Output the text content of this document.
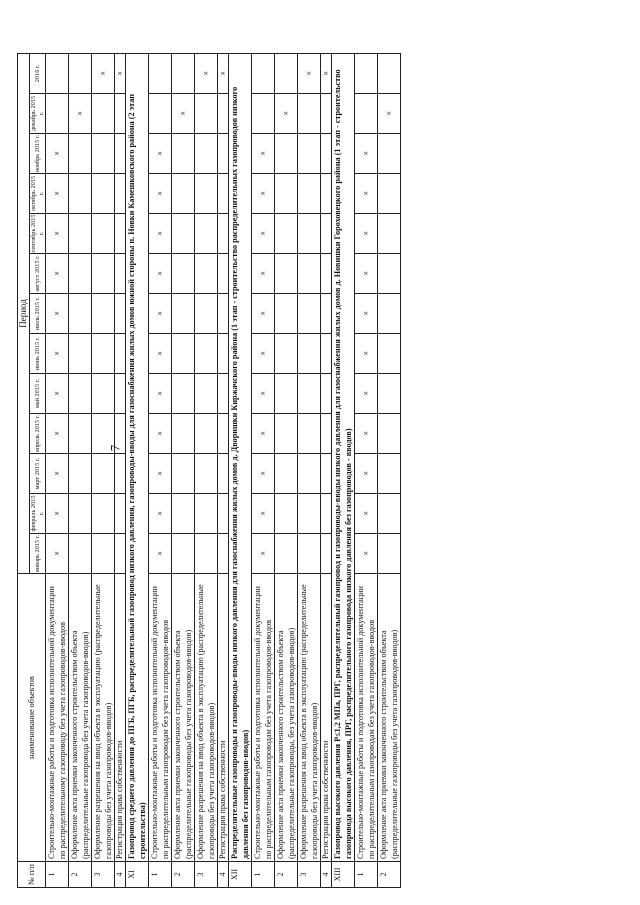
7
№ п/п	наименование объектов	Период												
		январь 2015 г.	февраль 2015 г.	март 2015 г.	апрель 2015 г.	май 2015 г.	июнь 2015 г.	июль 2015 г.	август 2015 г.	сентябрь 2015 г.	октябрь 2015 г.	ноябрь 2015 г.	декабрь 2015 г.	2016 г.
1	Строительно-монтажные работы и подготовка исполнительной документации по распределительному газопроводу без учета газопроводов-вводов	×	×	×	×	×	×	×	×	×	×	×		
2	Оформление акта приемки законченного строительством объекта (распределительные газопровода без учета газопроводов-вводов)												×	
3	Оформление разрешения на ввод объекта в эксплуатацию (распределительные газопроводы без учета газопроводов-вводов)													×
4	Регистрация права собственности													×
XI	Газопровод среднего давления до ПГБ, ПГБ, распределительный газопровод низкого давления, газопроводы-вводы для газоснабжения жилых домов южной стороны п. Новки Камешковского района (2 этап строительства)													
1	Строительно-монтажные работы и подготовка исполнительной документации по распределительным газопроводам без учета газопроводов-вводов	×	×	×	×	×	×	×	×	×	×	×		
2	Оформление акта приемки законченного строительством объекта (распределительные газопроводы без учета газопроводов-вводов)												×	
3	Оформление разрешения на ввод объекта в эксплуатацию (распределительные газопроводы без учета газопроводов-вводов)													×
4	Регистрация права собственности													×
XII	Распределительные газопроводы и газопроводы-вводы низкого давления для газоснабжения жилых домов д. Дворишки Киржачского района (1 этап - строительство распределительных газопроводов низкого давления без газопроводов-вводов)													
1	Строительно-монтажные работы и подготовка исполнительной документации по распределительным газопроводам без учета газопроводов-вводов	×	×	×	×	×	×	×	×	×	×	×		
2	Оформление акта приемки законченного строительством объекта (распределительные газопроводы, без учета газопроводов-вводов)												×	
3	Оформление разрешения на ввод объекта в эксплуатацию (распределительные газопроводы без учета газопроводов-вводов)													×
4	Регистрация права собственности													×
XIII	Газопровод высокого давления Р≤1,2 МПа, ПРГ, распределительный газопровод и газопроводы-вводы низкого давления для газоснабжения жилых домов д. Новишки Гороховецкого района (1 этап - строительство газопровода высокого давления, ПРГ, распределительного газопровода низкого давления без газопроводов - вводов)													
1	Строительно-монтажные работы и подготовка исполнительной документации по распределительным газопроводам без учета газопроводов-вводов	×	×	×	×	×	×	×	×	×	×	×		
2	Оформление акта приемки законченного строительством объекта (распределительные газопроводы без учета газопроводов-вводов)												×	
